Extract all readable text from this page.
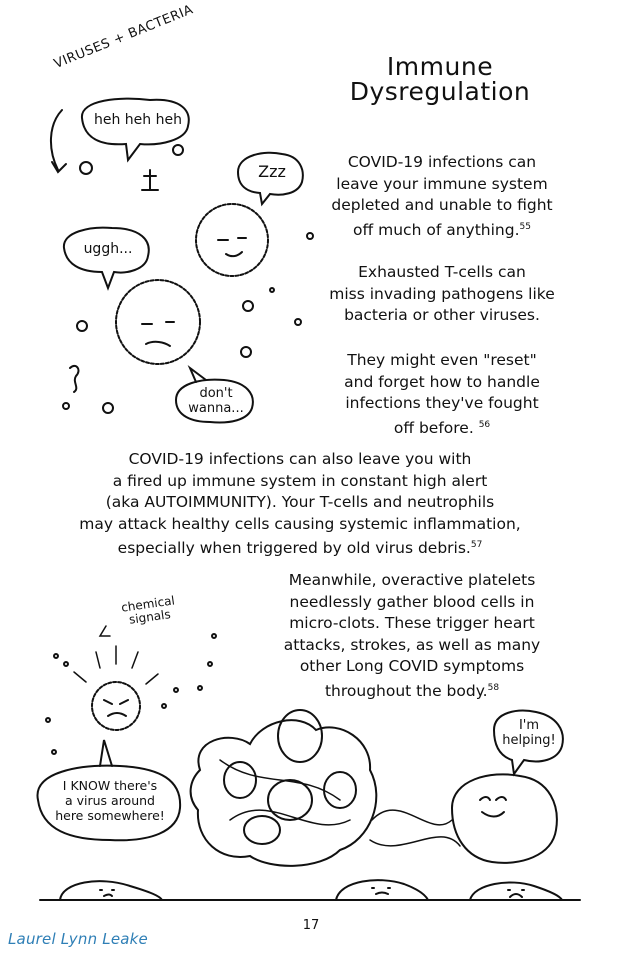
Immune
Dysregulation
COVID-19 infections can
leave your immune system
depleted and unable to fight
off much of anything.$^{55}$
Exhausted T-cells can
miss invading pathogens like
bacteria or other viruses.
They might even "reset"
and forget how to handle
infections they've fought
off before. $^{56}$
COVID-19 infections can also leave you with
a fired up immune system in constant high alert
(aka AUTOIMMUNITY). Your T-cells and neutrophils
may attack healthy cells causing systemic inflammation,
especially when triggered by old virus debris.$^{57}$
Meanwhile, overactive platelets
needlessly gather blood cells in
micro-clots. These trigger heart
attacks, strokes, as well as many
other Long COVID symptoms
throughout the body.$^{58}$
VIRUSES + BACTERIA
chemical
signals
heh heh heh
Zzz
uggh...
don't
wanna...
I'm
helping!
I KNOW there's
a virus around
here somewhere!
17
Laurel Lynn Leake
